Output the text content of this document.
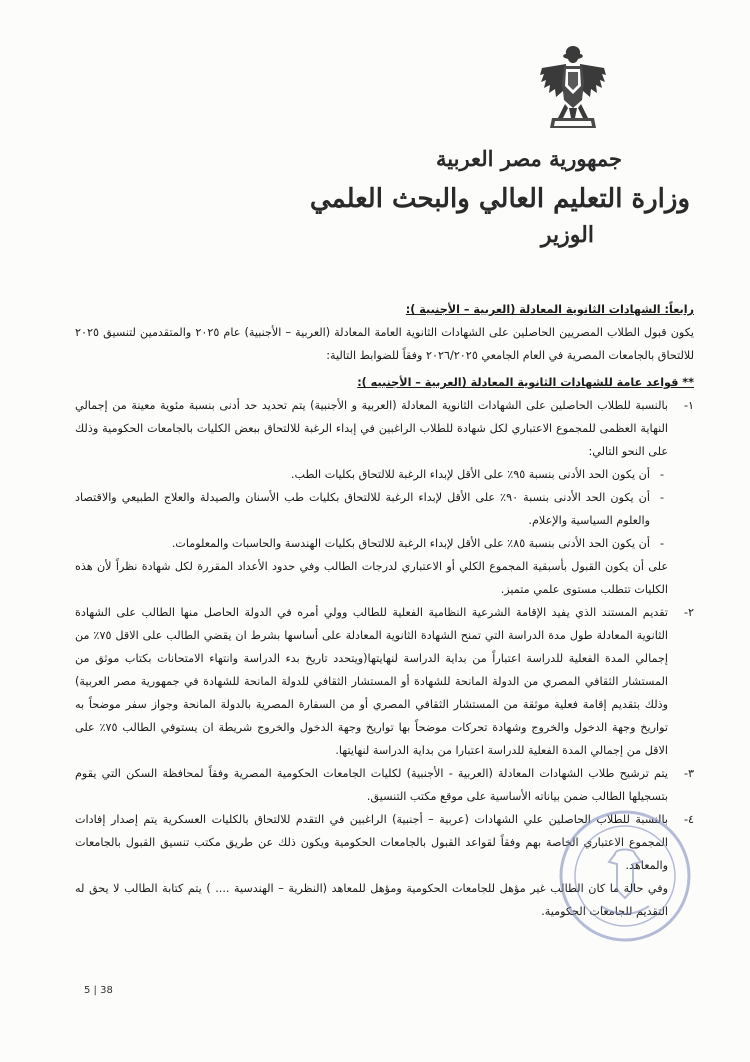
جمهورية مصر العربية
وزارة التعليم العالي والبحث العلمي
الوزير

رابعاً: الشهادات الثانوية المعادلة (العربية – الأجنبية ):

يكون قبول الطلاب المصريين الحاصلين على الشهادات الثانوية العامة المعادلة (العربية – الأجنبية) عام ٢٠٢٥ والمتقدمين لتنسيق ٢٠٢٥ للالتحاق بالجامعات المصرية في العام الجامعي ٢٠٢٦/٢٠٢٥ وفقاً للضوابط التالية:

** قواعد عامة للشهادات الثانوية المعادلة (العربية – الأجنبيه ):

١-

بالنسبة للطلاب الحاصلين على الشهادات الثانوية المعادلة (العربية و الأجنبية) يتم تحديد حد أدنى بنسبة مئوية معينة من إجمالي النهاية العظمى للمجموع الاعتباري لكل شهادة للطلاب الراغبين في إبداء الرغبة للالتحاق ببعض الكليات بالجامعات الحكومية وذلك على النحو التالي:

- أن يكون الحد الأدنى بنسبة ٩٥٪ على الأقل لإبداء الرغبة للالتحاق بكليات الطب.
- أن يكون الحد الأدنى بنسبة ٩٠٪ على الأقل لإبداء الرغبة للالتحاق بكليات طب الأسنان والصيدلة والعلاج الطبيعي والاقتصاد والعلوم السياسية والإعلام.
- أن يكون الحد الأدنى بنسبة ٨٥٪ على الأقل لإبداء الرغبة للالتحاق بكليات الهندسة والحاسبات والمعلومات.

على أن يكون القبول بأسبقية المجموع الكلي أو الاعتباري لدرجات الطالب وفي حدود الأعداد المقررة لكل شهادة نظراً لأن هذه الكليات تتطلب مستوى علمي متميز.

٢-

تقديم المستند الذي يفيد الإقامة الشرعية النظامية الفعلية للطالب وولي أمره في الدولة الحاصل منها الطالب على الشهادة الثانوية المعادلة طول مدة الدراسة التي تمنح الشهادة الثانوية المعادلة على أساسها بشرط ان يقضي الطالب على الاقل ٧٥٪ من إجمالي المدة الفعلية للدراسة اعتباراً من بداية الدراسة لنهايتها(ويتحدد تاريخ بدء الدراسة وانتهاء الامتحانات بكتاب موثق من المستشار الثقافي المصري من الدولة المانحة للشهادة أو المستشار الثقافي للدولة المانحة للشهادة في جمهورية مصر العربية) وذلك بتقديم إقامة فعلية موثقة من المستشار الثقافي المصري أو من السفارة المصرية بالدولة المانحة وجواز سفر موضحاً به تواريخ وجهة الدخول والخروج وشهادة تحركات موضحاً بها تواريخ وجهة الدخول والخروج شريطة ان يستوفي الطالب ٧٥٪ على الاقل من إجمالي المدة الفعلية للدراسة اعتبارا من بداية الدراسة لنهايتها.

٣-

يتم ترشيح طلاب الشهادات المعادلة (العربية - الأجنبية) لكليات الجامعات الحكومية المصرية وفقاً لمحافظة السكن التي يقوم بتسجيلها الطالب ضمن بياناته الأساسية على موقع مكتب التنسيق.

٤-

بالنسبة للطلاب الحاصلين علي الشهادات (عربية – أجنبية) الراغبين في التقدم للالتحاق بالكليات العسكرية يتم إصدار إفادات المجموع الاعتباري الخاصة بهم وفقاً لقواعد القبول بالجامعات الحكومية ويكون ذلك عن طريق مكتب تنسيق القبول بالجامعات والمعاهد.

وفي حالة ما كان الطالب غير مؤهل للجامعات الحكومية ومؤهل للمعاهد (النظرية – الهندسية .... ) يتم كتابة الطالب لا يحق له التقديم للجامعات الحكومية.

5 | 38
